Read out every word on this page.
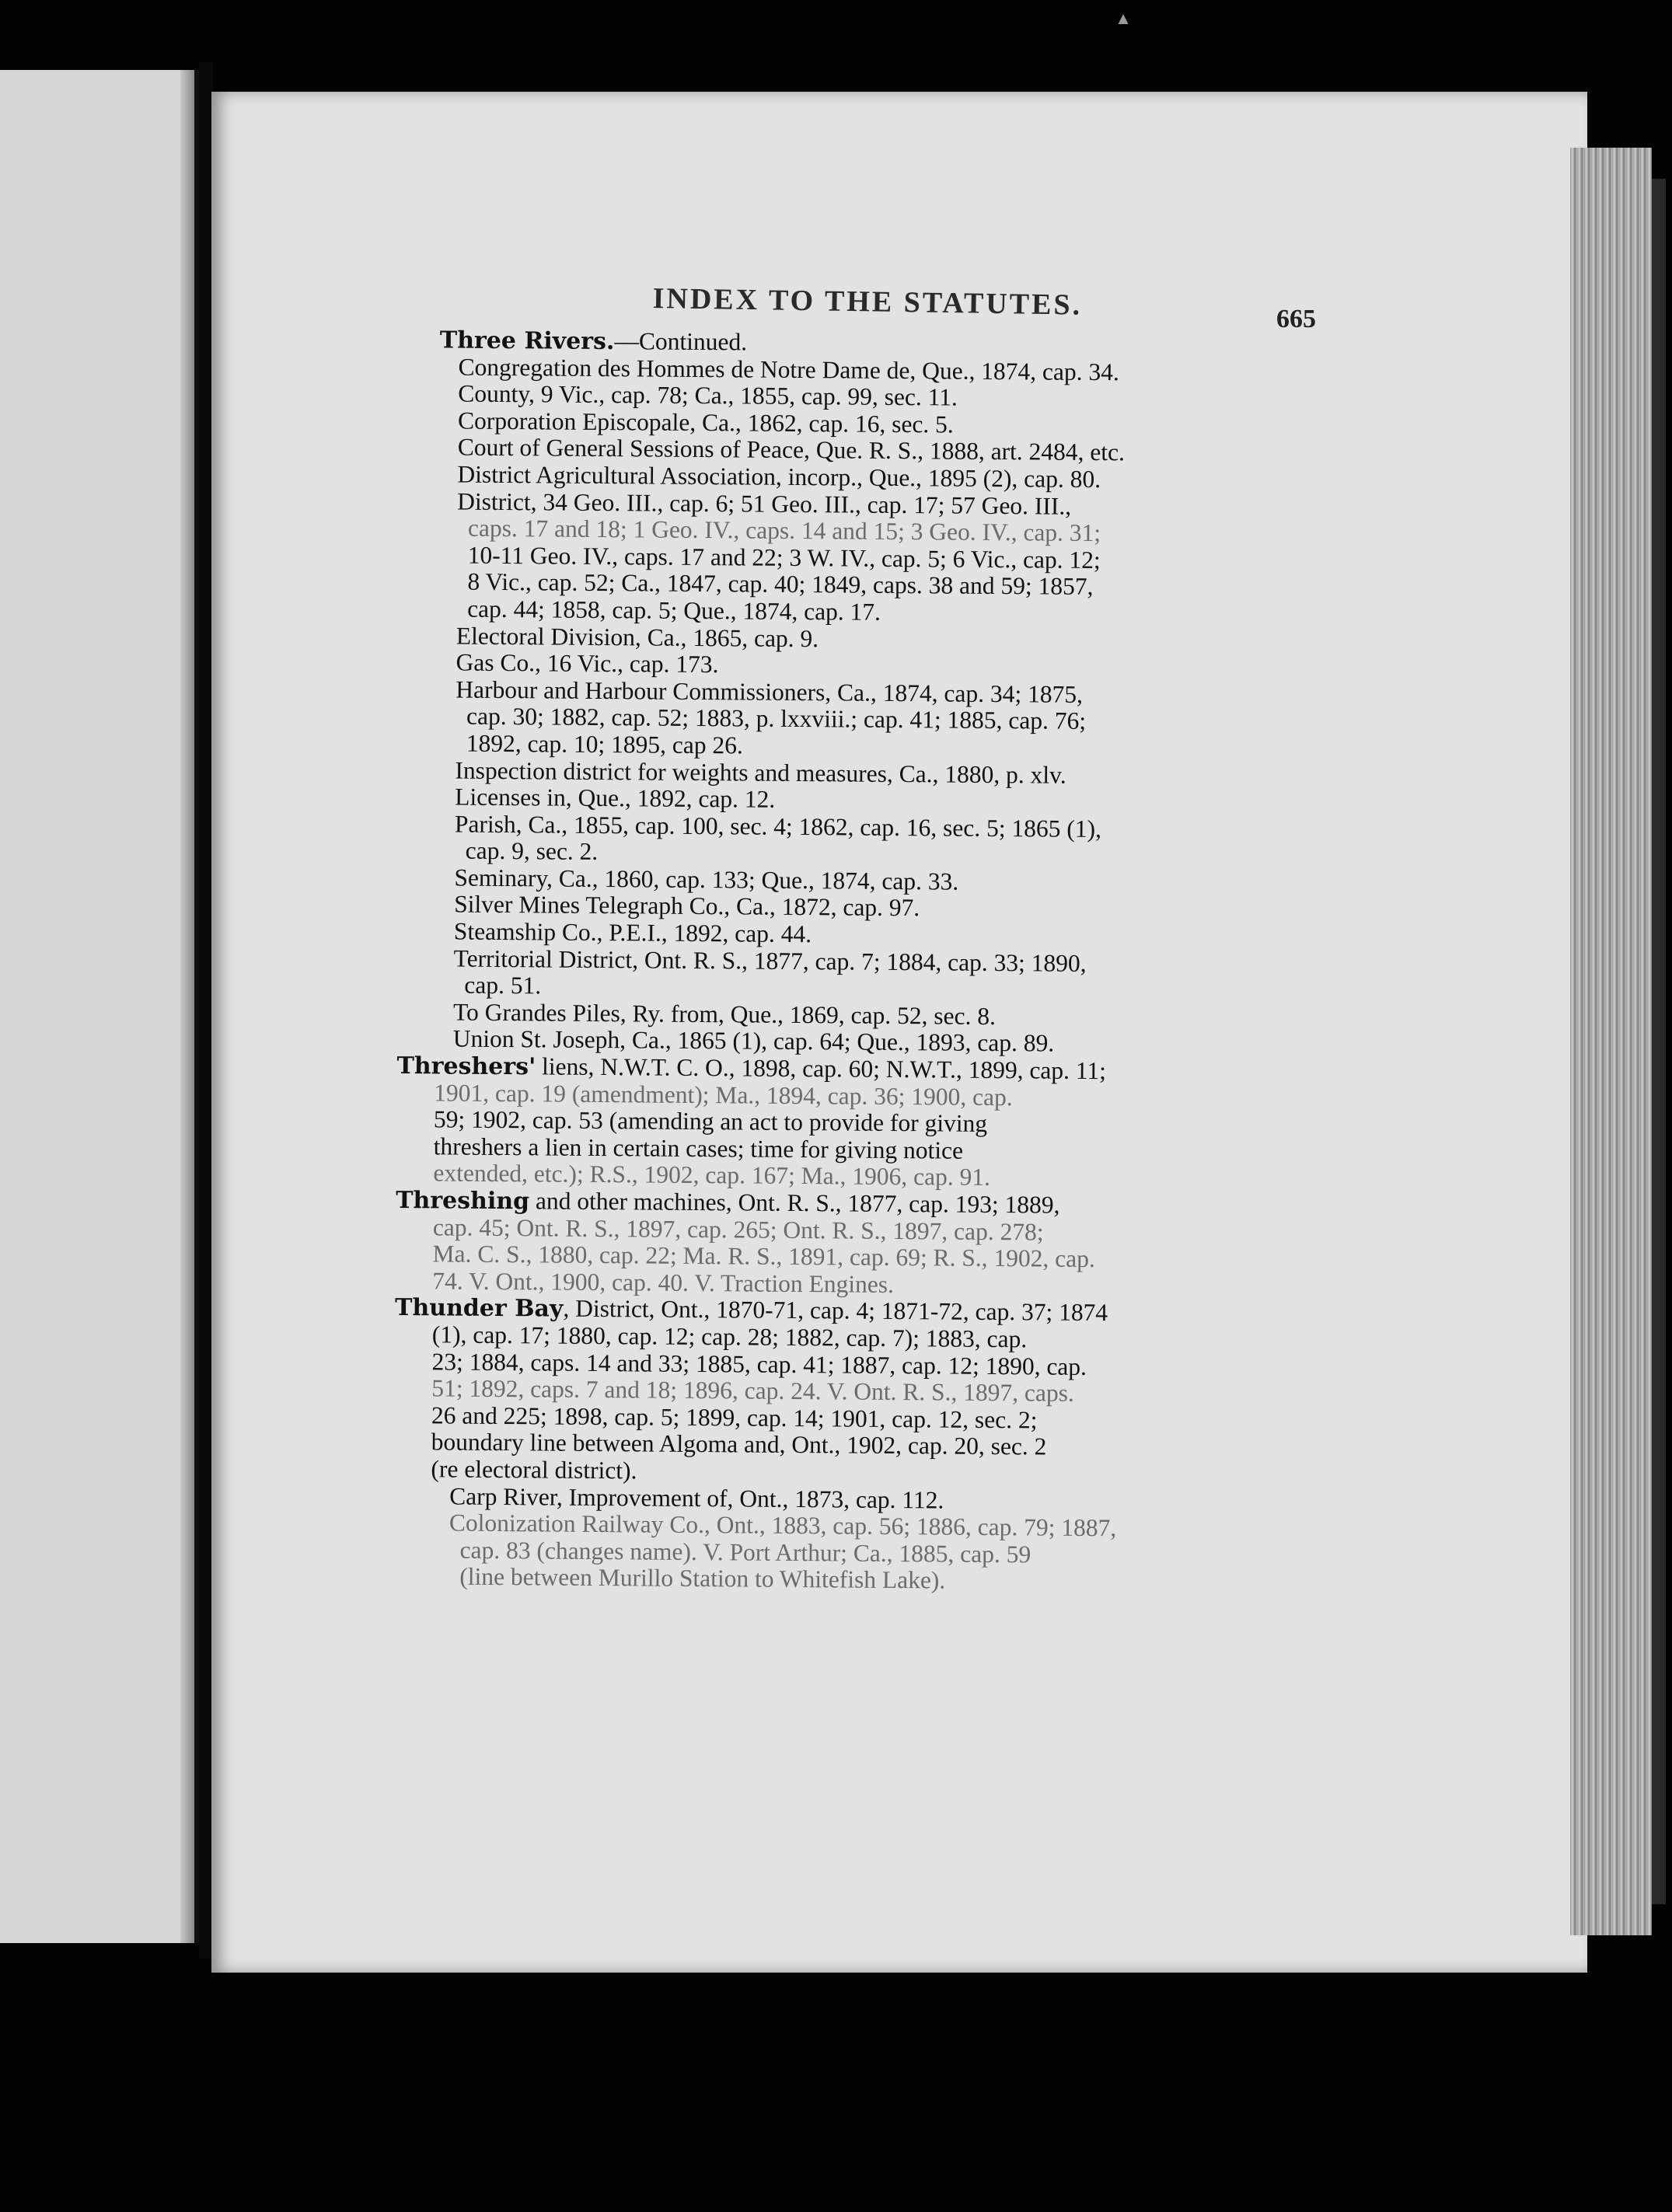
▲
INDEX TO THE STATUTES.	665
Three Rivers.—Continued.
Congregation des Hommes de Notre Dame de, Que., 1874, cap. 34.
County, 9 Vic., cap. 78; Ca., 1855, cap. 99, sec. 11.
Corporation Episcopale, Ca., 1862, cap. 16, sec. 5.
Court of General Sessions of Peace, Que. R. S., 1888, art. 2484, etc.
District Agricultural Association, incorp., Que., 1895 (2), cap. 80.
District, 34 Geo. III., cap. 6; 51 Geo. III., cap. 17; 57 Geo. III.,
caps. 17 and 18; 1 Geo. IV., caps. 14 and 15; 3 Geo. IV., cap. 31;
10-11 Geo. IV., caps. 17 and 22; 3 W. IV., cap. 5; 6 Vic., cap. 12;
8 Vic., cap. 52; Ca., 1847, cap. 40; 1849, caps. 38 and 59; 1857,
cap. 44; 1858, cap. 5; Que., 1874, cap. 17.
Electoral Division, Ca., 1865, cap. 9.
Gas Co., 16 Vic., cap. 173.
Harbour and Harbour Commissioners, Ca., 1874, cap. 34; 1875,
cap. 30; 1882, cap. 52; 1883, p. lxxviii.; cap. 41; 1885, cap. 76;
1892, cap. 10; 1895, cap 26.
Inspection district for weights and measures, Ca., 1880, p. xlv.
Licenses in, Que., 1892, cap. 12.
Parish, Ca., 1855, cap. 100, sec. 4; 1862, cap. 16, sec. 5; 1865 (1),
cap. 9, sec. 2.
Seminary, Ca., 1860, cap. 133; Que., 1874, cap. 33.
Silver Mines Telegraph Co., Ca., 1872, cap. 97.
Steamship Co., P.E.I., 1892, cap. 44.
Territorial District, Ont. R. S., 1877, cap. 7; 1884, cap. 33; 1890,
cap. 51.
To Grandes Piles, Ry. from, Que., 1869, cap. 52, sec. 8.
Union St. Joseph, Ca., 1865 (1), cap. 64; Que., 1893, cap. 89.
Threshers' liens, N.W.T. C. O., 1898, cap. 60; N.W.T., 1899, cap. 11;
1901, cap. 19 (amendment); Ma., 1894, cap. 36; 1900, cap.
59; 1902, cap. 53 (amending an act to provide for giving
threshers a lien in certain cases; time for giving notice
extended, etc.); R.S., 1902, cap. 167; Ma., 1906, cap. 91.
Threshing and other machines, Ont. R. S., 1877, cap. 193; 1889,
cap. 45; Ont. R. S., 1897, cap. 265; Ont. R. S., 1897, cap. 278;
Ma. C. S., 1880, cap. 22; Ma. R. S., 1891, cap. 69; R. S., 1902, cap.
74. V. Ont., 1900, cap. 40. V. Traction Engines.
Thunder Bay, District, Ont., 1870-71, cap. 4; 1871-72, cap. 37; 1874
(1), cap. 17; 1880, cap. 12; cap. 28; 1882, cap. 7); 1883, cap.
23; 1884, caps. 14 and 33; 1885, cap. 41; 1887, cap. 12; 1890, cap.
51; 1892, caps. 7 and 18; 1896, cap. 24. V. Ont. R. S., 1897, caps.
26 and 225; 1898, cap. 5; 1899, cap. 14; 1901, cap. 12, sec. 2;
boundary line between Algoma and, Ont., 1902, cap. 20, sec. 2
(re electoral district).
Carp River, Improvement of, Ont., 1873, cap. 112.
Colonization Railway Co., Ont., 1883, cap. 56; 1886, cap. 79; 1887,
cap. 83 (changes name). V. Port Arthur; Ca., 1885, cap. 59
(line between Murillo Station to Whitefish Lake).
